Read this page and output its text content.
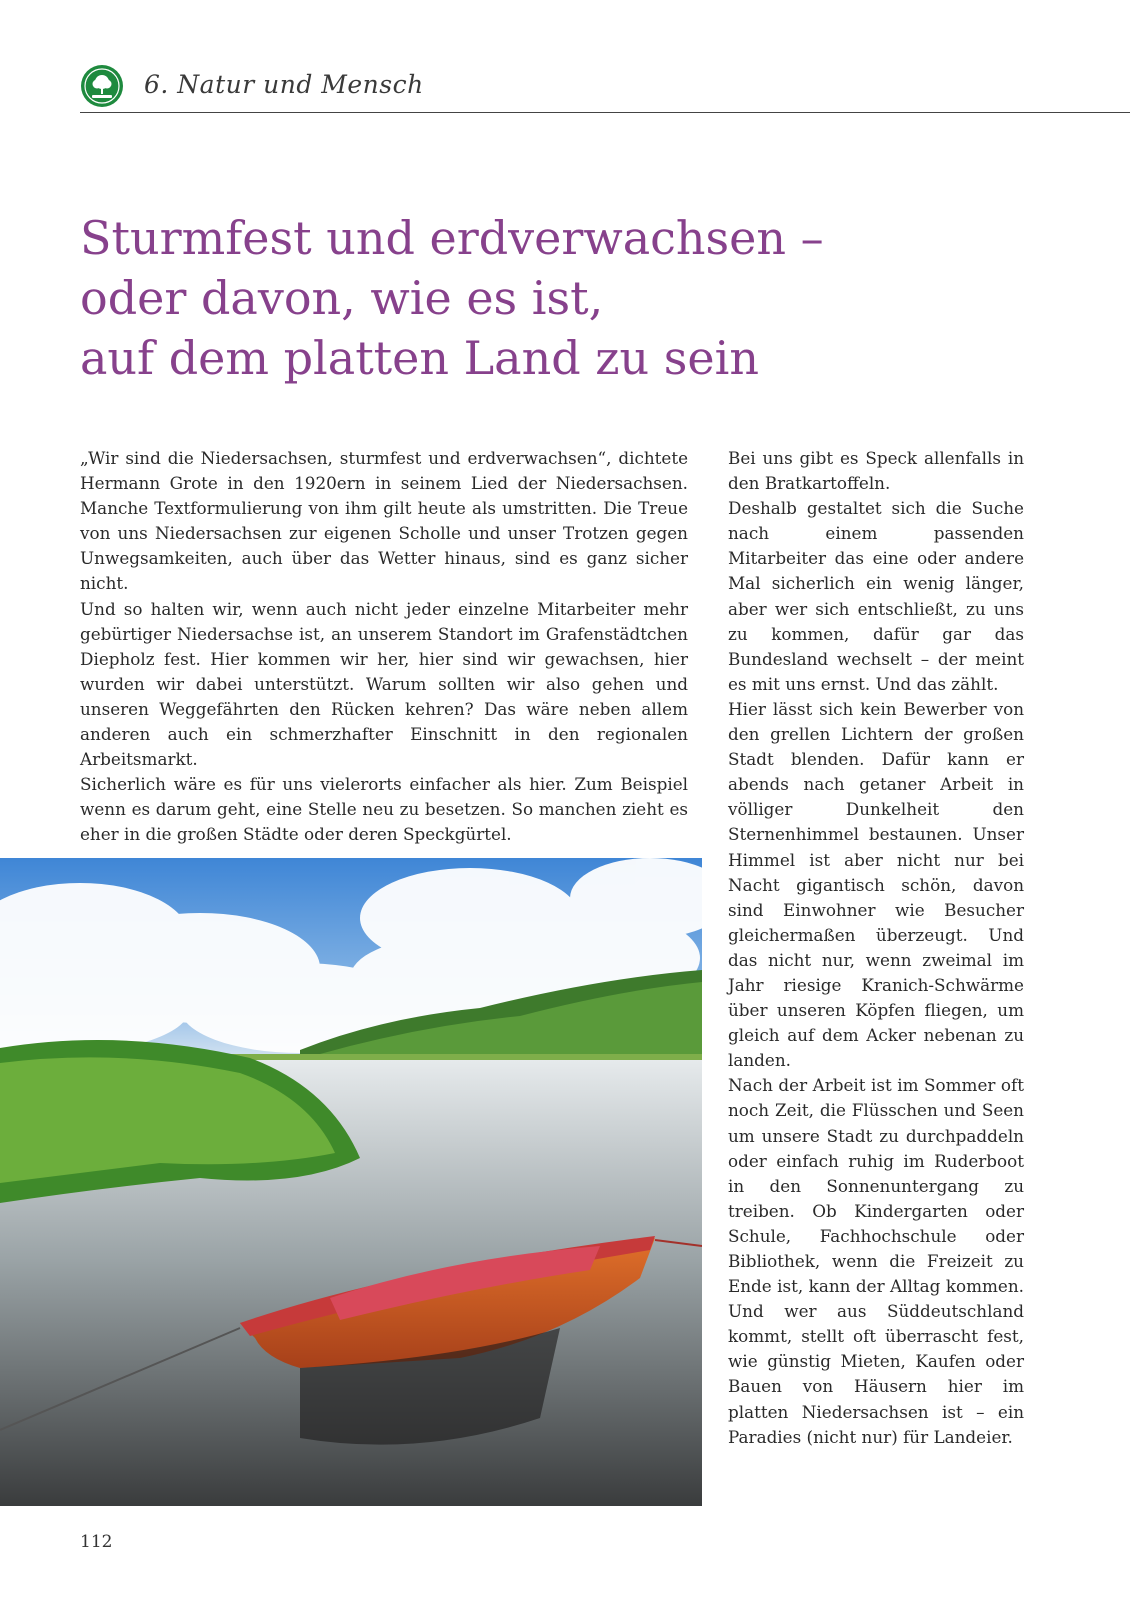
6. Natur und Mensch
Sturmfest und erdverwachsen –
oder davon, wie es ist,
auf dem platten Land zu sein

„Wir sind die Niedersachsen, sturmfest und erdverwachsen“, dichtete Hermann Grote in den 1920ern in seinem Lied der Niedersachsen. Manche Textformulierung von ihm gilt heute als umstritten. Die Treue von uns Niedersachsen zur eigenen Scholle und unser Trotzen gegen Unwegsamkeiten, auch über das Wetter hinaus, sind es ganz sicher nicht.

Und so halten wir, wenn auch nicht jeder einzelne Mitarbeiter mehr gebürtiger Niedersachse ist, an unserem Standort im Grafenstädtchen Diepholz fest. Hier kommen wir her, hier sind wir gewachsen, hier wurden wir dabei unterstützt. Warum sollten wir also gehen und unseren Weggefährten den Rücken kehren? Das wäre neben allem anderen auch ein schmerzhafter Einschnitt in den regionalen Arbeitsmarkt.

Sicherlich wäre es für uns vielerorts einfacher als hier. Zum Beispiel wenn es darum geht, eine Stelle neu zu besetzen. So manchen zieht es eher in die großen Städte oder deren Speckgürtel.

Bei uns gibt es Speck allenfalls in den Bratkartoffeln.

Deshalb gestaltet sich die Suche nach einem passenden Mitarbeiter das eine oder andere Mal sicherlich ein wenig länger, aber wer sich entschließt, zu uns zu kommen, dafür gar das Bundesland wechselt – der meint es mit uns ernst. Und das zählt.

Hier lässt sich kein Bewerber von den grellen Lichtern der großen Stadt blenden. Dafür kann er abends nach getaner Arbeit in völliger Dunkelheit den Sternenhimmel bestaunen. Unser Himmel ist aber nicht nur bei Nacht gigantisch schön, davon sind Einwohner wie Besucher gleichermaßen überzeugt. Und das nicht nur, wenn zweimal im Jahr riesige Kranich-Schwärme über unseren Köpfen fliegen, um gleich auf dem Acker nebenan zu landen.

Nach der Arbeit ist im Sommer oft noch Zeit, die Flüsschen und Seen um unsere Stadt zu durchpaddeln oder einfach ruhig im Ruderboot in den Sonnenuntergang zu treiben. Ob Kindergarten oder Schule, Fachhochschule oder Bibliothek, wenn die Freizeit zu Ende ist, kann der Alltag kommen. Und wer aus Süddeutschland kommt, stellt oft überrascht fest, wie günstig Mieten, Kaufen oder Bauen von Häusern hier im platten Niedersachsen ist – ein Paradies (nicht nur) für Landeier.

112
